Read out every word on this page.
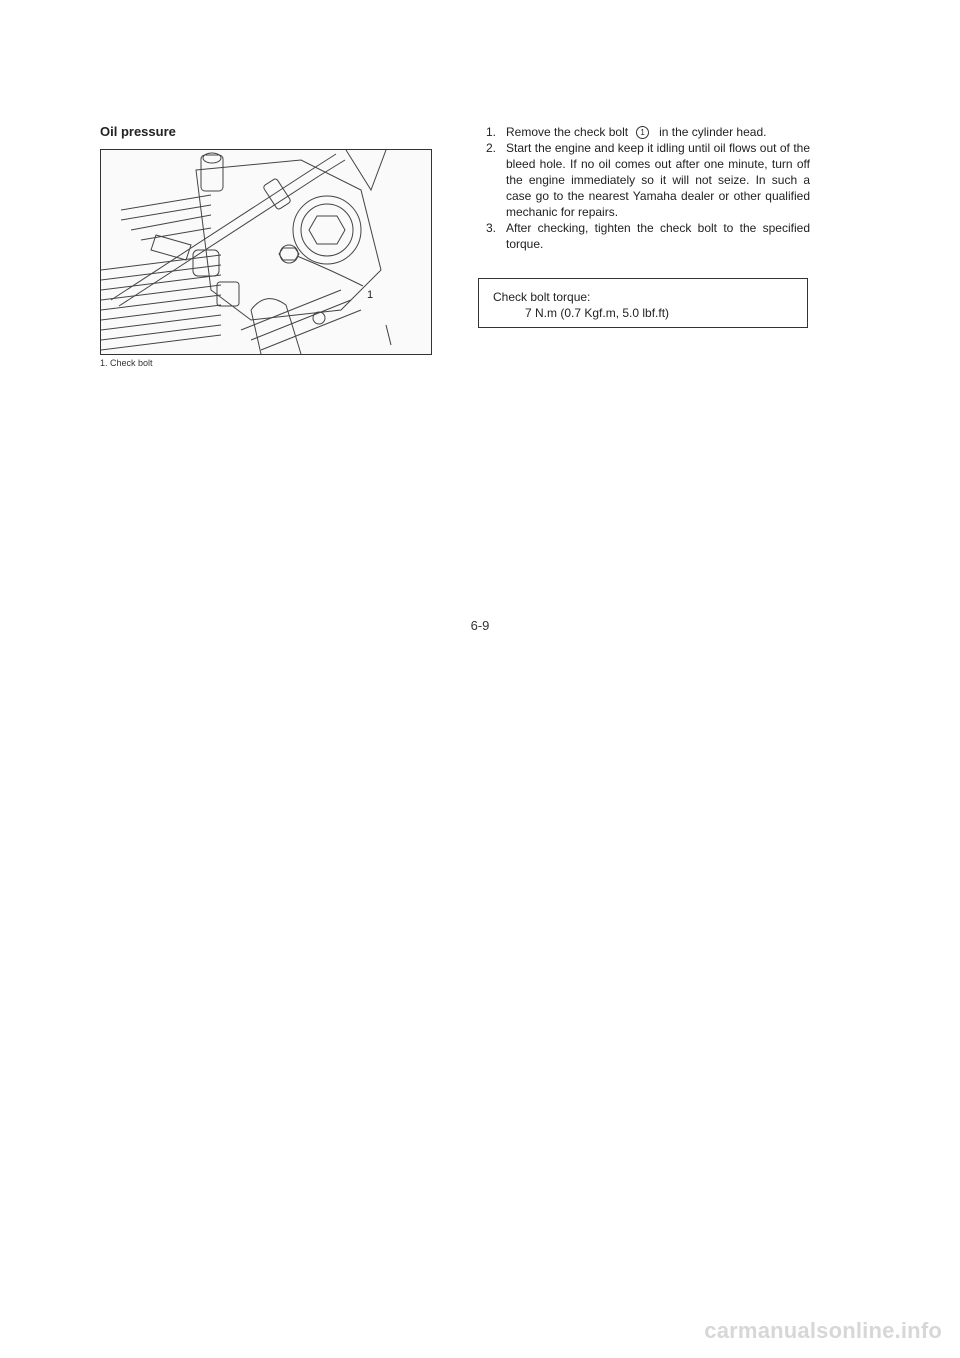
Oil pressure
1
1. Check bolt
1. Remove the check bolt 1 in the cylinder head.
2. Start the engine and keep it idling until oil flows out of the bleed hole. If no oil comes out after one minute, turn off the engine immediately so it will not seize. In such a case go to the nearest Yamaha dealer or other qualified mechanic for repairs.
3. After checking, tighten the check bolt to the specified torque.
Check bolt torque:
7 N.m (0.7 Kgf.m, 5.0 lbf.ft)
6-9
carmanualsonline.info
